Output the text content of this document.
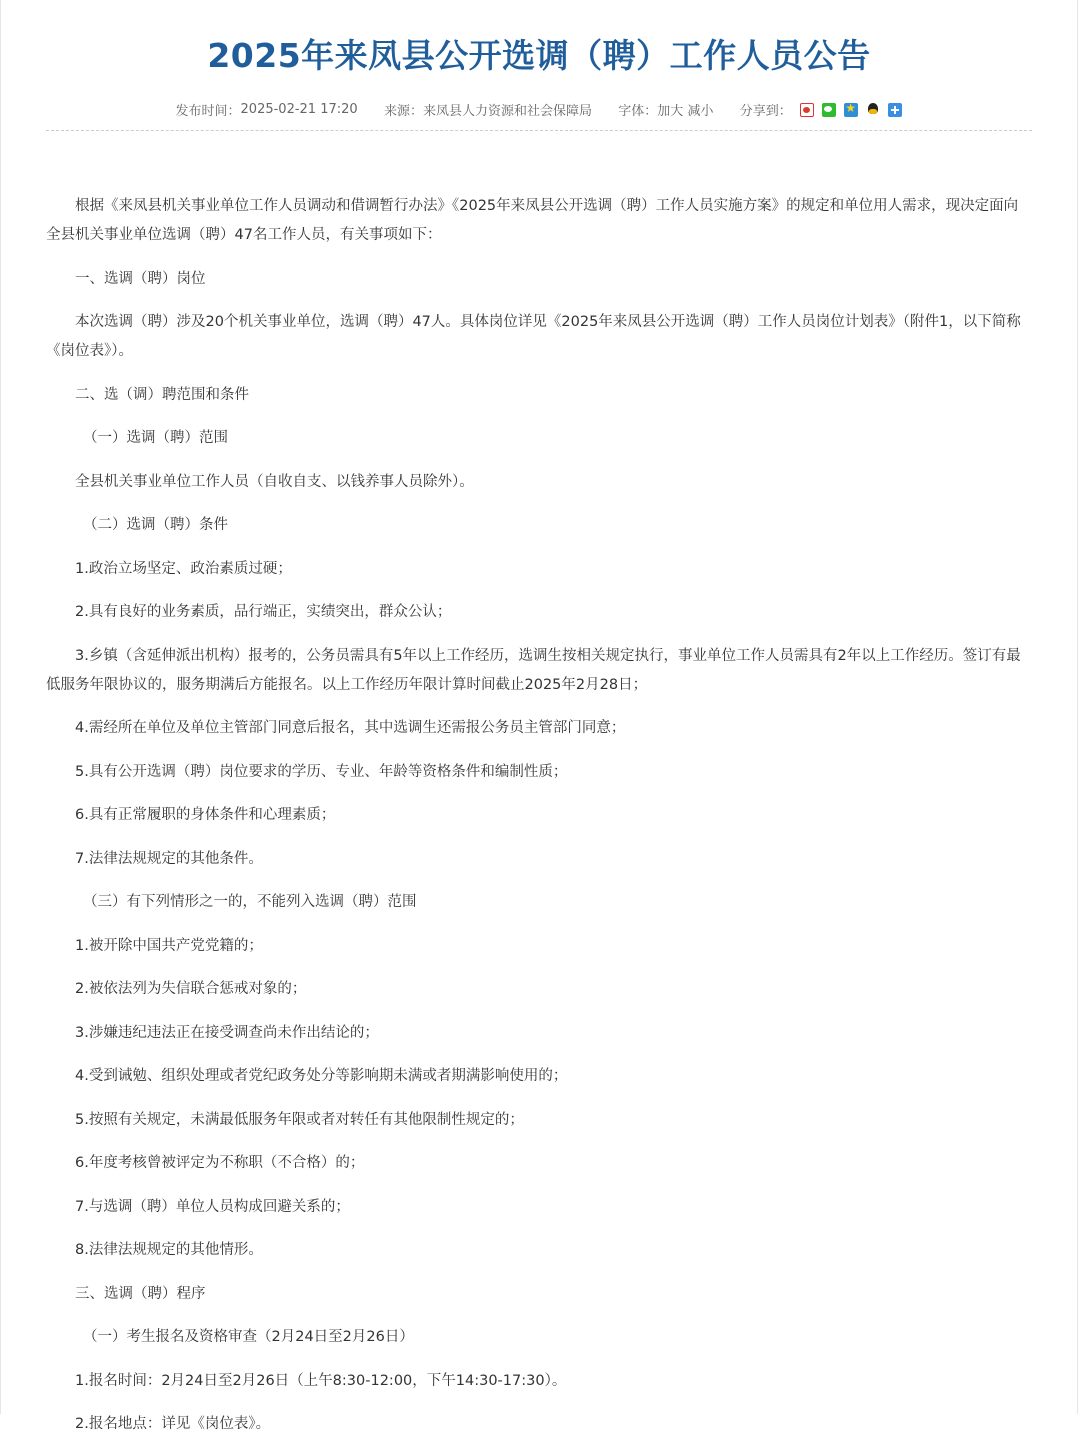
2025年来凤县公开选调（聘）工作人员公告
发布时间：2025-02-21 17:20 来源：来凤县人力资源和社会保障局 字体：加大 减小 分享到：   ★

根据《来凤县机关事业单位工作人员调动和借调暂行办法》《2025年来凤县公开选调（聘）工作人员实施方案》的规定和单位用人需求，现决定面向全县机关事业单位选调（聘）47名工作人员，有关事项如下：

一、选调（聘）岗位

本次选调（聘）涉及20个机关事业单位，选调（聘）47人。具体岗位详见《2025年来凤县公开选调（聘）工作人员岗位计划表》（附件1，以下简称《岗位表》）。

二、选（调）聘范围和条件

（一）选调（聘）范围

全县机关事业单位工作人员（自收自支、以钱养事人员除外）。

（二）选调（聘）条件

1.政治立场坚定、政治素质过硬；

2.具有良好的业务素质，品行端正，实绩突出，群众公认；

3.乡镇（含延伸派出机构）报考的，公务员需具有5年以上工作经历，选调生按相关规定执行，事业单位工作人员需具有2年以上工作经历。签订有最低服务年限协议的，服务期满后方能报名。以上工作经历年限计算时间截止2025年2月28日；

4.需经所在单位及单位主管部门同意后报名，其中选调生还需报公务员主管部门同意；

5.具有公开选调（聘）岗位要求的学历、专业、年龄等资格条件和编制性质；

6.具有正常履职的身体条件和心理素质；

7.法律法规规定的其他条件。

（三）有下列情形之一的，不能列入选调（聘）范围

1.被开除中国共产党党籍的；

2.被依法列为失信联合惩戒对象的；

3.涉嫌违纪违法正在接受调查尚未作出结论的；

4.受到诫勉、组织处理或者党纪政务处分等影响期未满或者期满影响使用的；

5.按照有关规定，未满最低服务年限或者对转任有其他限制性规定的；

6.年度考核曾被评定为不称职（不合格）的；

7.与选调（聘）单位人员构成回避关系的；

8.法律法规规定的其他情形。

三、选调（聘）程序

（一）考生报名及资格审查（2月24日至2月26日）

1.报名时间：2月24日至2月26日（上午8:30-12:00，下午14:30-17:30）。

2.报名地点：详见《岗位表》。
